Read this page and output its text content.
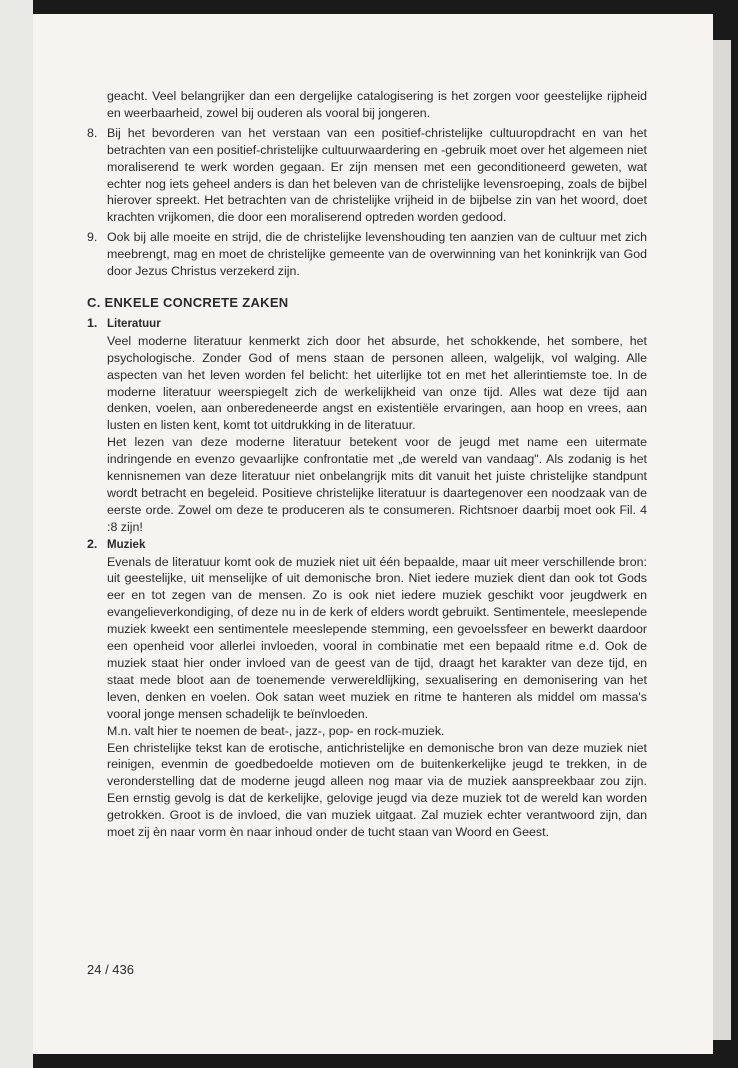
geacht. Veel belangrijker dan een dergelijke catalogisering is het zorgen voor geestelijke rijpheid en weerbaarheid, zowel bij ouderen als vooral bij jongeren.

8. Bij het bevorderen van het verstaan van een positief-christelijke cultuuropdracht en van het betrachten van een positief-christelijke cultuurwaardering en -gebruik moet over het algemeen niet moraliserend te werk worden gegaan. Er zijn mensen met een geconditioneerd geweten, wat echter nog iets geheel anders is dan het beleven van de christelijke levensroeping, zoals de bijbel hierover spreekt. Het betrachten van de christelijke vrijheid in de bijbelse zin van het woord, doet krachten vrijkomen, die door een moraliserend optreden worden gedood.

9. Ook bij alle moeite en strijd, die de christelijke levenshouding ten aanzien van de cultuur met zich meebrengt, mag en moet de christelijke gemeente van de overwinning van het koninkrijk van God door Jezus Christus verzekerd zijn.

C. ENKELE CONCRETE ZAKEN
1. Literatuur

Veel moderne literatuur kenmerkt zich door het absurde, het schokkende, het sombere, het psychologische. Zonder God of mens staan de personen alleen, walgelijk, vol walging. Alle aspecten van het leven worden fel belicht: het uiterlijke tot en met het allerintiemste toe. In de moderne literatuur weerspiegelt zich de werkelijkheid van onze tijd. Alles wat deze tijd aan denken, voelen, aan onberedeneerde angst en existentiële ervaringen, aan hoop en vrees, aan lusten en listen kent, komt tot uitdrukking in de literatuur.

Het lezen van deze moderne literatuur betekent voor de jeugd met name een uitermate indringende en evenzo gevaarlijke confrontatie met „de wereld van vandaag". Als zodanig is het kennisnemen van deze literatuur niet onbelangrijk mits dit vanuit het juiste christelijke standpunt wordt betracht en begeleid. Positieve christelijke literatuur is daartegenover een noodzaak van de eerste orde. Zowel om deze te produceren als te consumeren. Richtsnoer daarbij moet ook Fil. 4 :8 zijn!

2. Muziek

Evenals de literatuur komt ook de muziek niet uit één bepaalde, maar uit meer verschillende bron: uit geestelijke, uit menselijke of uit demonische bron. Niet iedere muziek dient dan ook tot Gods eer en tot zegen van de mensen. Zo is ook niet iedere muziek geschikt voor jeugdwerk en evangelieverkondiging, of deze nu in de kerk of elders wordt gebruikt. Sentimentele, meeslepende muziek kweekt een sentimentele meeslepende stemming, een gevoelssfeer en bewerkt daardoor een openheid voor allerlei invloeden, vooral in combinatie met een bepaald ritme e.d. Ook de muziek staat hier onder invloed van de geest van de tijd, draagt het karakter van deze tijd, en staat mede bloot aan de toenemende verwereldlijking, sexualisering en demonisering van het leven, denken en voelen. Ook satan weet muziek en ritme te hanteren als middel om massa's vooral jonge mensen schadelijk te beïnvloeden.

M.n. valt hier te noemen de beat-, jazz-, pop- en rock-muziek.

Een christelijke tekst kan de erotische, antichristelijke en demonische bron van deze muziek niet reinigen, evenmin de goedbedoelde motieven om de buitenkerkelijke jeugd te trekken, in de veronderstelling dat de moderne jeugd alleen nog maar via de muziek aanspreekbaar zou zijn. Een ernstig gevolg is dat de kerkelijke, gelovige jeugd via deze muziek tot de wereld kan worden getrokken. Groot is de invloed, die van muziek uitgaat. Zal muziek echter verantwoord zijn, dan moet zij èn naar vorm èn naar inhoud onder de tucht staan van Woord en Geest.

24 / 436
